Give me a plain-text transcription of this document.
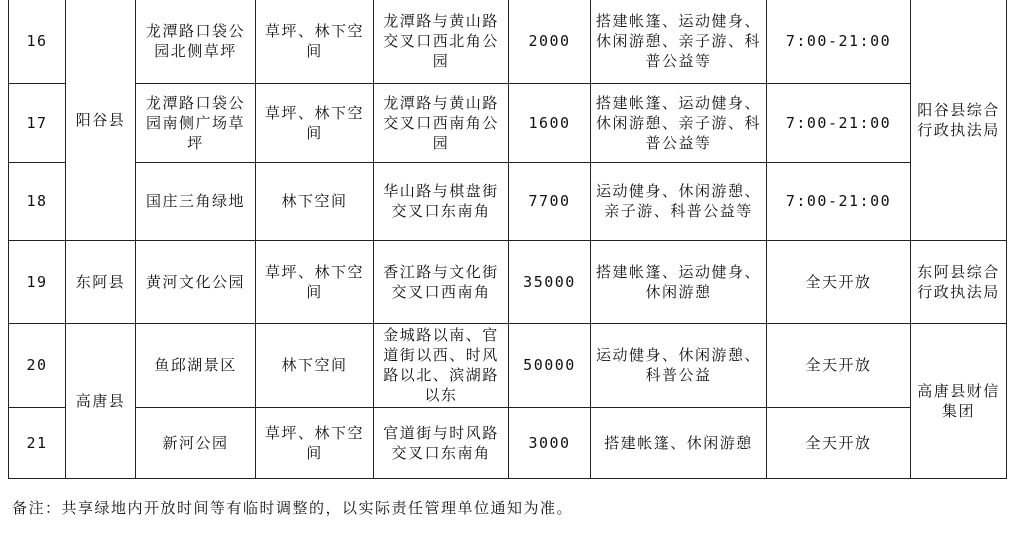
16	阳谷县	龙潭路口袋公园北侧草坪	草坪、林下空间	龙潭路与黄山路交叉口西北角公园	2000	搭建帐篷、运动健身、休闲游憩、亲子游、科普公益等	7:00-21:00	阳谷县综合行政执法局
17		龙潭路口袋公园南侧广场草坪	草坪、林下空间	龙潭路与黄山路交叉口西南角公园	1600	搭建帐篷、运动健身、休闲游憩、亲子游、科普公益等	7:00-21:00	
18		国庄三角绿地	林下空间	华山路与棋盘街交叉口东南角	7700	运动健身、休闲游憩、亲子游、科普公益等	7:00-21:00	
19	东阿县	黄河文化公园	草坪、林下空间	香江路与文化街交叉口西南角	35000	搭建帐篷、运动健身、休闲游憩	全天开放	东阿县综合行政执法局
20	高唐县	鱼邱湖景区	林下空间	金城路以南、官道街以西、时风路以北、滨湖路以东	50000	运动健身、休闲游憩、科普公益	全天开放	高唐县财信集团
21		新河公园	草坪、林下空间	官道街与时风路交叉口东南角	3000	搭建帐篷、休闲游憩	全天开放	
备注：共享绿地内开放时间等有临时调整的，以实际责任管理单位通知为准。
